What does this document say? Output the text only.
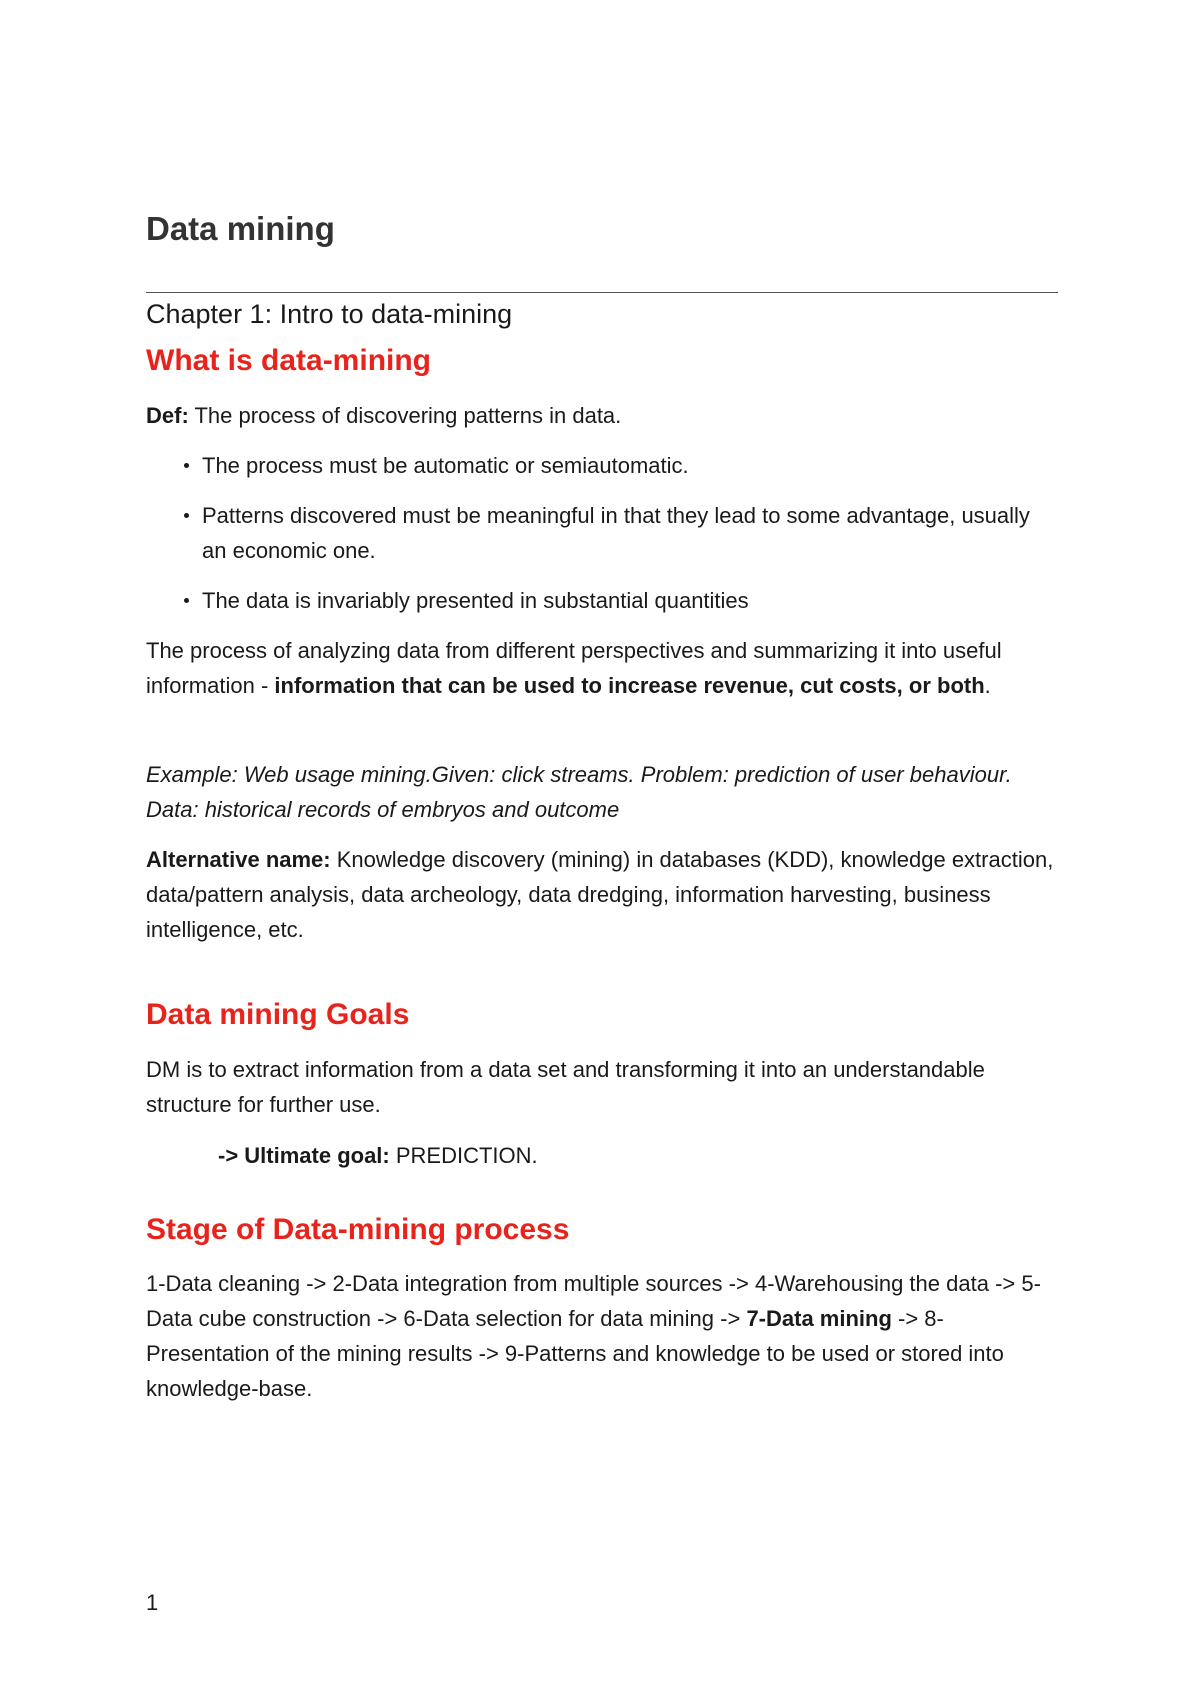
Data mining
Chapter 1: Intro to data-mining
What is data-mining

Def: The process of discovering patterns in data.

The process must be automatic or semiautomatic.
Patterns discovered must be meaningful in that they lead to some advantage, usually an economic one.
The data is invariably presented in substantial quantities

The process of analyzing data from different perspectives and summarizing it into useful information - information that can be used to increase revenue, cut costs, or both.

Example: Web usage mining.Given: click streams. Problem: prediction of user behaviour. Data: historical records of embryos and outcome

Alternative name: Knowledge discovery (mining) in databases (KDD), knowledge extraction, data/pattern analysis, data archeology, data dredging, information harvesting, business intelligence, etc.

Data mining Goals

DM is to extract information from a data set and transforming it into an understandable structure for further use.

-> Ultimate goal: PREDICTION.

Stage of Data-mining process

1-Data cleaning -> 2-Data integration from multiple sources -> 4-Warehousing the data -> 5-Data cube construction -> 6-Data selection for data mining -> 7-Data mining -> 8-Presentation of the mining results -> 9-Patterns and knowledge to be used or stored into knowledge-base.

1
